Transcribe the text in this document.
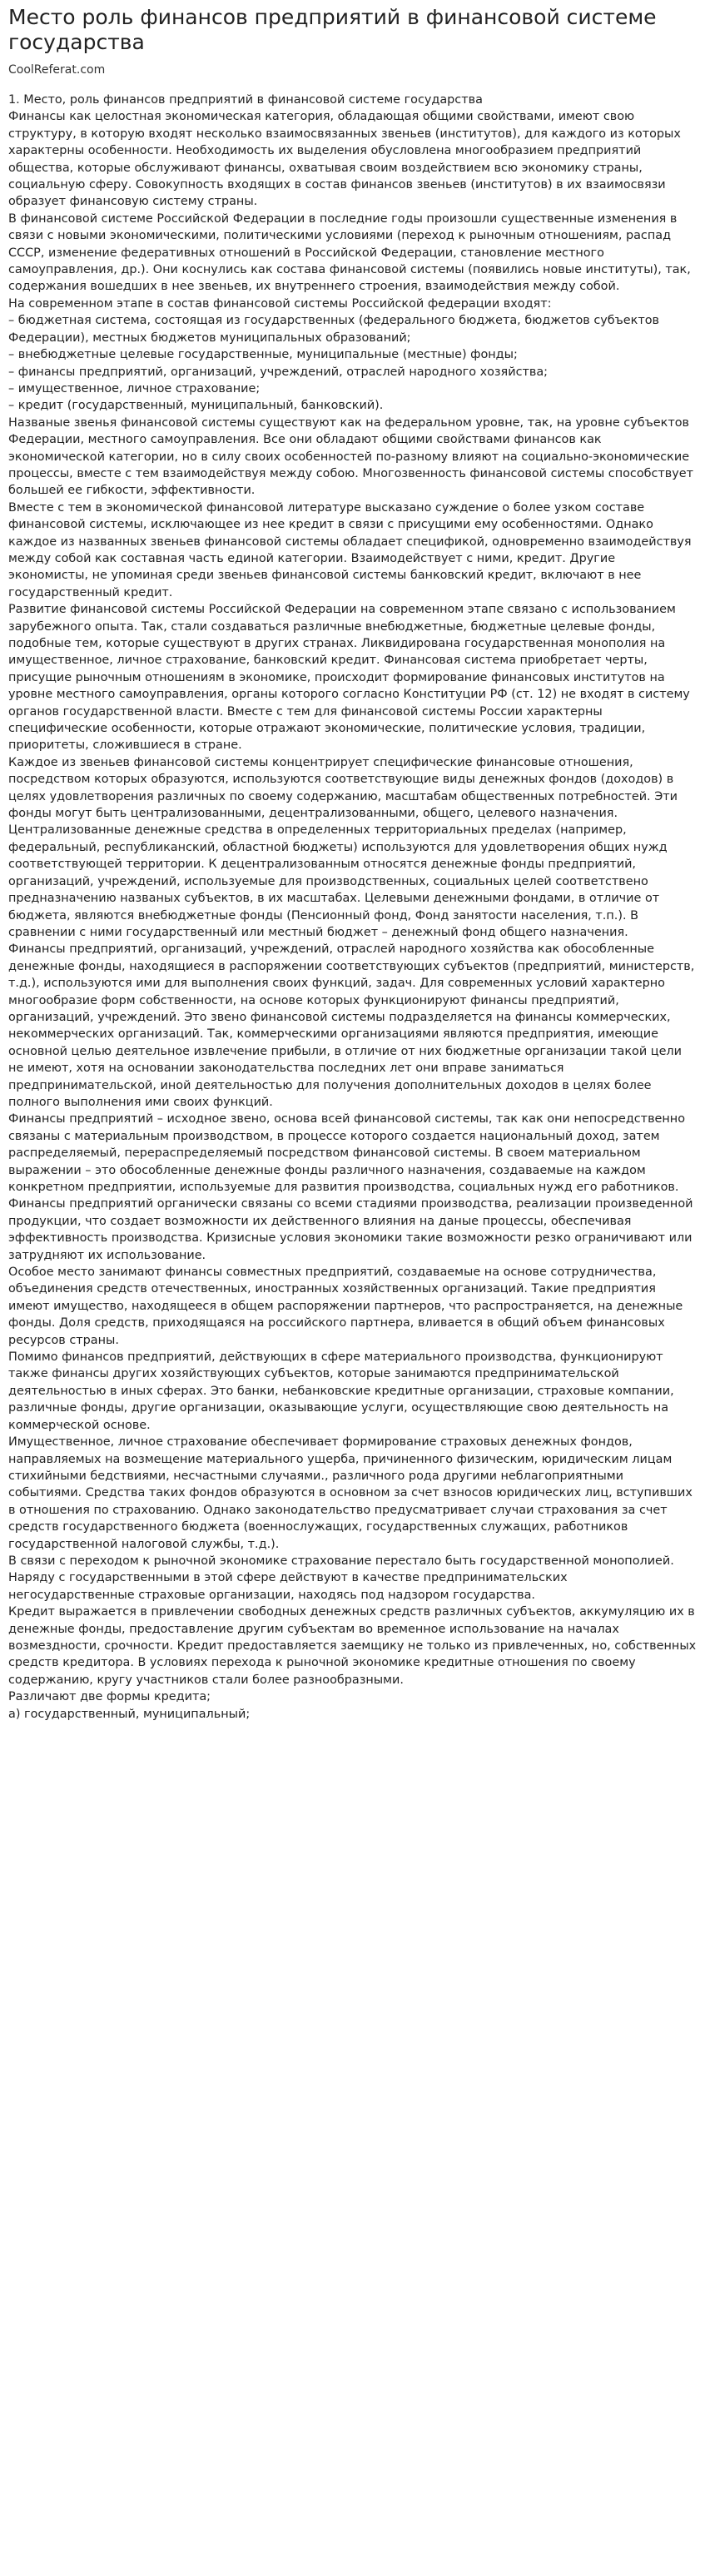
Место роль финансов предприятий в финансовой системе государства
CoolReferat.com

1. Место, роль финансов предприятий в финансовой системе государства

Финансы как целостная экономическая категория, обладающая общими свойствами, имеют свою структуру, в которую входят несколько взаимосвязанных звеньев (институтов), для каждого из которых характерны особенности. Необходимость их выделения обусловлена многообразием предприятий общества, которые обслуживают финансы, охватывая своим воздействием всю экономику страны, социальную сферу. Совокупность входящих в состав финансов звеньев (институтов) в их взаимосвязи образует финансовую систему страны.

В финансовой системе Российской Федерации в последние годы произошли существенные изменения в связи с новыми экономическими, политическими условиями (переход к рыночным отношениям, распад СССР, изменение федеративных отношений в Российской Федерации, становление местного самоуправления, др.). Они коснулись как состава финансовой системы (появились новые институты), так, содержания вошедших в нее звеньев, их внутреннего строения, взаимодействия между собой.

На современном этапе в состав финансовой системы Российской федерации входят:

– бюджетная система, состоящая из государственных (федерального бюджета, бюджетов субъектов Федерации), местных бюджетов муниципальных образований;

– внебюджетные целевые государственные, муниципальные (местные) фонды;

– финансы предприятий, организаций, учреждений, отраслей народного хозяйства;

– имущественное, личное страхование;

– кредит (государственный, муниципальный, банковский).

Названые звенья финансовой системы существуют как на федеральном уровне, так, на уровне субъектов Федерации, местного самоуправления. Все они обладают общими свойствами финансов как экономической категории, но в силу своих особенностей по-разному влияют на социально-экономические процессы, вместе с тем взаимодействуя между собою. Многозвенность финансовой системы способствует большей ее гибкости, эффективности.

Вместе с тем в экономической финансовой литературе высказано суждение о более узком составе финансовой системы, исключающее из нее кредит в связи с присущими ему особенностями. Однако каждое из названных звеньев финансовой системы обладает спецификой, одновременно взаимодействуя между собой как составная часть единой категории. Взаимодействует с ними, кредит. Другие экономисты, не упоминая среди звеньев финансовой системы банковский кредит, включают в нее государственный кредит.

Развитие финансовой системы Российской Федерации на современном этапе связано с использованием зарубежного опыта. Так, стали создаваться различные внебюджетные, бюджетные целевые фонды, подобные тем, которые существуют в других странах. Ликвидирована государственная монополия на имущественное, личное страхование, банковский кредит. Финансовая система приобретает черты, присущие рыночным отношениям в экономике, происходит формирование финансовых институтов на уровне местного самоуправления, органы которого согласно Конституции РФ (ст. 12) не входят в систему органов государственной власти. Вместе с тем для финансовой системы России характерны специфические особенности, которые отражают экономические, политические условия, традиции, приоритеты, сложившиеся в стране.

Каждое из звеньев финансовой системы концентрирует специфические финансовые отношения, посредством которых образуются, используются соответствующие виды денежных фондов (доходов) в целях удовлетворения различных по своему содержанию, масштабам общественных потребностей. Эти фонды могут быть централизованными, децентрализованными, общего, целевого назначения. Централизованные денежные средства в определенных территориальных пределах (например, федеральный, республиканский, областной бюджеты) используются для удовлетворения общих нужд соответствующей территории. К децентрализованным относятся денежные фонды предприятий, организаций, учреждений, используемые для производственных, социальных целей соответствено предназначению названых субъектов, в их масштабах. Целевыми денежными фондами, в отличие от бюджета, являются внебюджетные фонды (Пенсионный фонд, Фонд занятости населения, т.п.). В сравнении с ними государственный или местный бюджет – денежный фонд общего назначения.

Финансы предприятий, организаций, учреждений, отраслей народного хозяйства как обособленные денежные фонды, находящиеся в распоряжении соответствующих субъектов (предприятий, министерств, т.д.), используются ими для выполнения своих функций, задач. Для современных условий характерно многообразие форм собственности, на основе которых функционируют финансы предприятий, организаций, учреждений. Это звено финансовой системы подразделяется на финансы коммерческих, некоммерческих организаций. Так, коммерческими организациями являются предприятия, имеющие основной целью деятельное извлечение прибыли, в отличие от них бюджетные организации такой цели не имеют, хотя на основании законодательства последних лет они вправе заниматься предпринимательской, иной деятельностью для получения дополнительных доходов в целях более полного выполнения ими своих функций.

Финансы предприятий – исходное звено, основа всей финансовой системы, так как они непосредственно связаны с материальным производством, в процессе которого создается национальный доход, затем распределяемый, перераспределяемый посредством финансовой системы. В своем материальном выражении – это обособленные денежные фонды различного назначения, создаваемые на каждом конкретном предприятии, используемые для развития производства, социальных нужд его работников. Финансы предприятий органически связаны со всеми стадиями производства, реализации произведенной продукции, что создает возможности их действенного влияния на даные процессы, обеспечивая эффективность производства. Кризисные условия экономики такие возможности резко ограничивают или затрудняют их использование.

Особое место занимают финансы совместных предприятий, создаваемые на основе сотрудничества, объединения средств отечественных, иностранных хозяйственных организаций. Такие предприятия имеют имущество, находящееся в общем распоряжении партнеров, что распространяется, на денежные фонды. Доля средств, приходящаяся на российского партнера, вливается в общий объем финансовых ресурсов страны.

Помимо финансов предприятий, действующих в сфере материального производства, функционируют также финансы других хозяйствующих субъектов, которые занимаются предпринимательской деятельностью в иных сферах. Это банки, небанковские кредитные организации, страховые компании, различные фонды, другие организации, оказывающие услуги, осуществляющие свою деятельность на коммерческой основе.

Имущественное, личное страхование обеспечивает формирование страховых денежных фондов, направляемых на возмещение материального ущерба, причиненного физическим, юридическим лицам стихийными бедствиями, несчастными случаями., различного рода другими неблагоприятными событиями. Средства таких фондов образуются в основном за счет взносов юридических лиц, вступивших в отношения по страхованию. Однако законодательство предусматривает случаи страхования за счет средств государственного бюджета (военнослужащих, государственных служащих, работников государственной налоговой службы, т.д.).

В связи с переходом к рыночной экономике страхование перестало быть государственной монополией. Наряду с государственными в этой сфере действуют в качестве предпринимательских негосударственные страховые организации, находясь под надзором государства.

Кредит выражается в привлечении свободных денежных средств различных субъектов, аккумуляцию их в денежные фонды, предоставление другим субъектам во временное использование на началах возмездности, срочности. Кредит предоставляется заемщику не только из привлеченных, но, собственных средств кредитора. В условиях перехода к рыночной экономике кредитные отношения по своему содержанию, кругу участников стали более разнообразными.

Различают две формы кредита;

а) государственный, муниципальный;
